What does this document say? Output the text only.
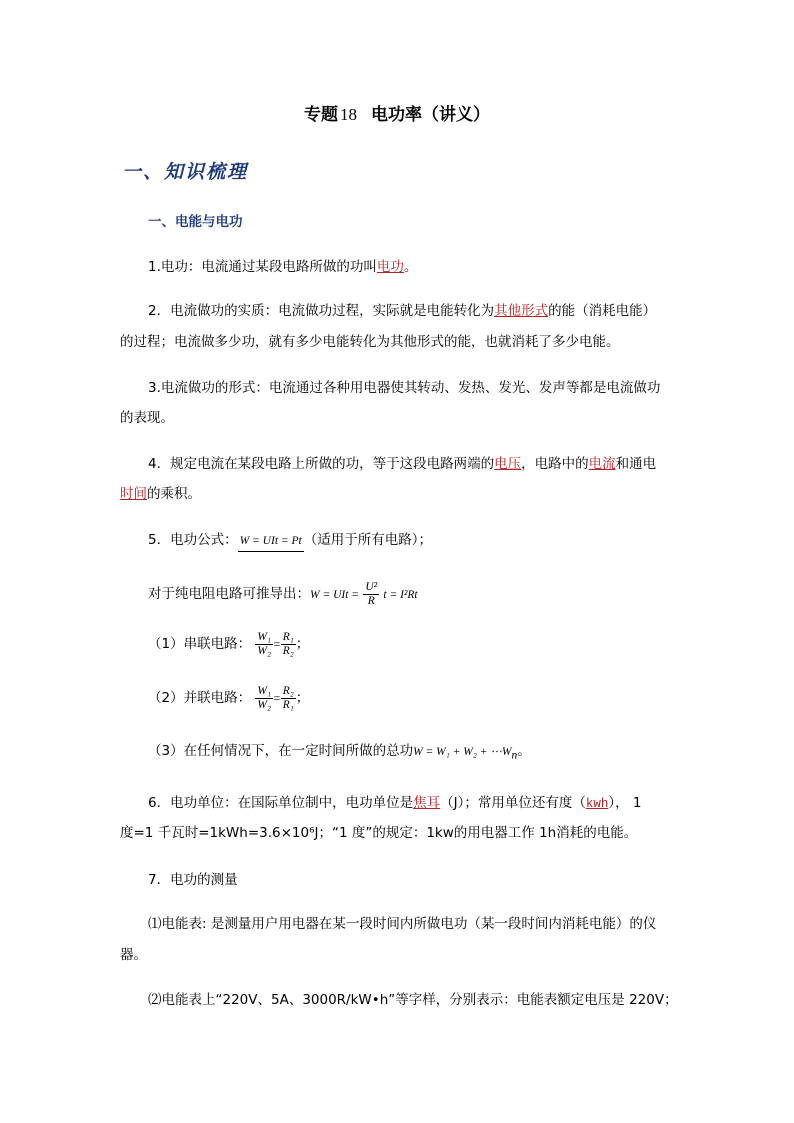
专题 18 电功率（讲义）
一、知识梳理
一、电能与电功
1.电功：电流通过某段电路所做的功叫电功。
2．电流做功的实质：电流做功过程，实际就是电能转化为其他形式的能（消耗电能）
的过程；电流做多少功，就有多少电能转化为其他形式的能，也就消耗了多少电能。
3.电流做功的形式：电流通过各种用电器使其转动、发热、发光、发声等都是电流做功
的表现。
4．规定电流在某段电路上所做的功，等于这段电路两端的电压，电路中的电流和通电
时间的乘积。
5．电功公式： W = UIt = Pt （适用于所有电路）；
对于纯电阻电路可推导出：W = UIt = $\frac{\text{U²}}{R}$ t = I²Rt
（1）串联电路： $\frac{\text{W₁}}{\text{W₂}} = \frac{\text{R₁}}{\text{R₂}}$ ；
（2）并联电路： $\frac{\text{W₁}}{\text{W₂}} = \frac{\text{R₂}}{\text{R₁}}$ ；
（3）在任何情况下，在一定时间所做的总功$W = W_1 + W_2 + \cdots W_n$。
6．电功单位：在国际单位制中，电功单位是焦耳（J）；常用单位还有度（kwh）， 1
度=1 千瓦时=1kWh=3.6×10⁶J；“1 度”的规定：1kw的用电器工作 1h消耗的电能。
7．电功的测量
⑴电能表: 是测量用户用电器在某一段时间内所做电功（某一段时间内消耗电能）的仪
器。
⑵电能表上“220V、5A、3000R/kW•h”等字样，分别表示：电能表额定电压是 220V；
